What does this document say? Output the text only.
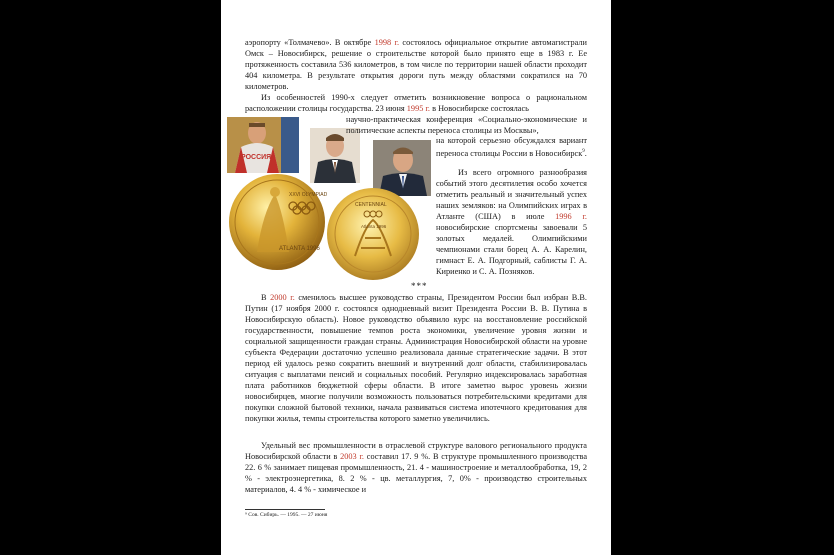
аэропорту «Толмачево». В октябре 1998 г. состоялось официальное открытие автомагистрали Омск – Новосибирск, решение о строительстве которой было принято еще в 1983 г. Ее протяженность составила 536 километров, в том числе по территории нашей области проходит 404 километра. В результате открытия дороги путь между областями сократился на 70 километров.
Из особенностей 1990-х следует отметить возникновение вопроса о рациональном расположении столицы государства. 23 июня 1995 г. в Новосибирске состоялась
РОССИЯ
XXVI OLYMPIAD
ATLANTA 1996
CENTENNIAL
Atlanta 1996
научно-практическая конференция «Социально-экономические и политические аспекты переноса столицы из Москвы»,
на которой серьезно обсуждался вариант переноса столицы России в Новосибирск$^9$.
Из всего огромного разнообразия событий этого десятилетия особо хочется отметить реальный и значительный успех наших земляков: на Олимпийских играх в Атланте (США) в июле 1996 г. новосибирские спортсмены завоевали 5 золотых медалей. Олимпийскими чемпионами стали борец А. А. Карелин, гимнаст Е. А. Подгорный, саблисты Г. А. Кириенко и С. А. Позняков.
***
В 2000 г. сменилось высшее руководство страны, Президентом России был избран В.В. Путин (17 ноября 2000 г. состоялся однодневный визит Президента России В. В. Путина в Новосибирскую область). Новое руководство объявило курс на восстановление российской государственности, повышение темпов роста экономики, увеличение уровня жизни и социальной защищенности граждан страны. Администрация Новосибирской области на уровне субъекта Федерации достаточно успешно реализовала данные стратегические задачи. В этот период ей удалось резко сократить внешний и внутренний долг области, стабилизировалась ситуация с выплатами пенсий и социальных пособий. Регулярно индексировалась заработная плата работников бюджетной сферы области. В итоге заметно вырос уровень жизни новосибирцев, многие получили возможность пользоваться потребительскими кредитами для покупки сложной бытовой техники, начала развиваться система ипотечного кредитования для покупки жилья, темпы строительства которого заметно увеличились.
Удельный вес промышленности в отраслевой структуре валового регионального продукта Новосибирской области в 2003 г. составил 17. 9 %. В структуре промышленного производства 22. 6 % занимает пищевая промышленность, 21. 4 - машиностроение и металлообработка, 19, 2 % - электроэнергетика, 8. 2 % - цв. металлургия, 7, 0% - производство строительных материалов, 4. 4 % - химическое и
⁹ Сов. Сибирь. — 1995. — 27 июня
